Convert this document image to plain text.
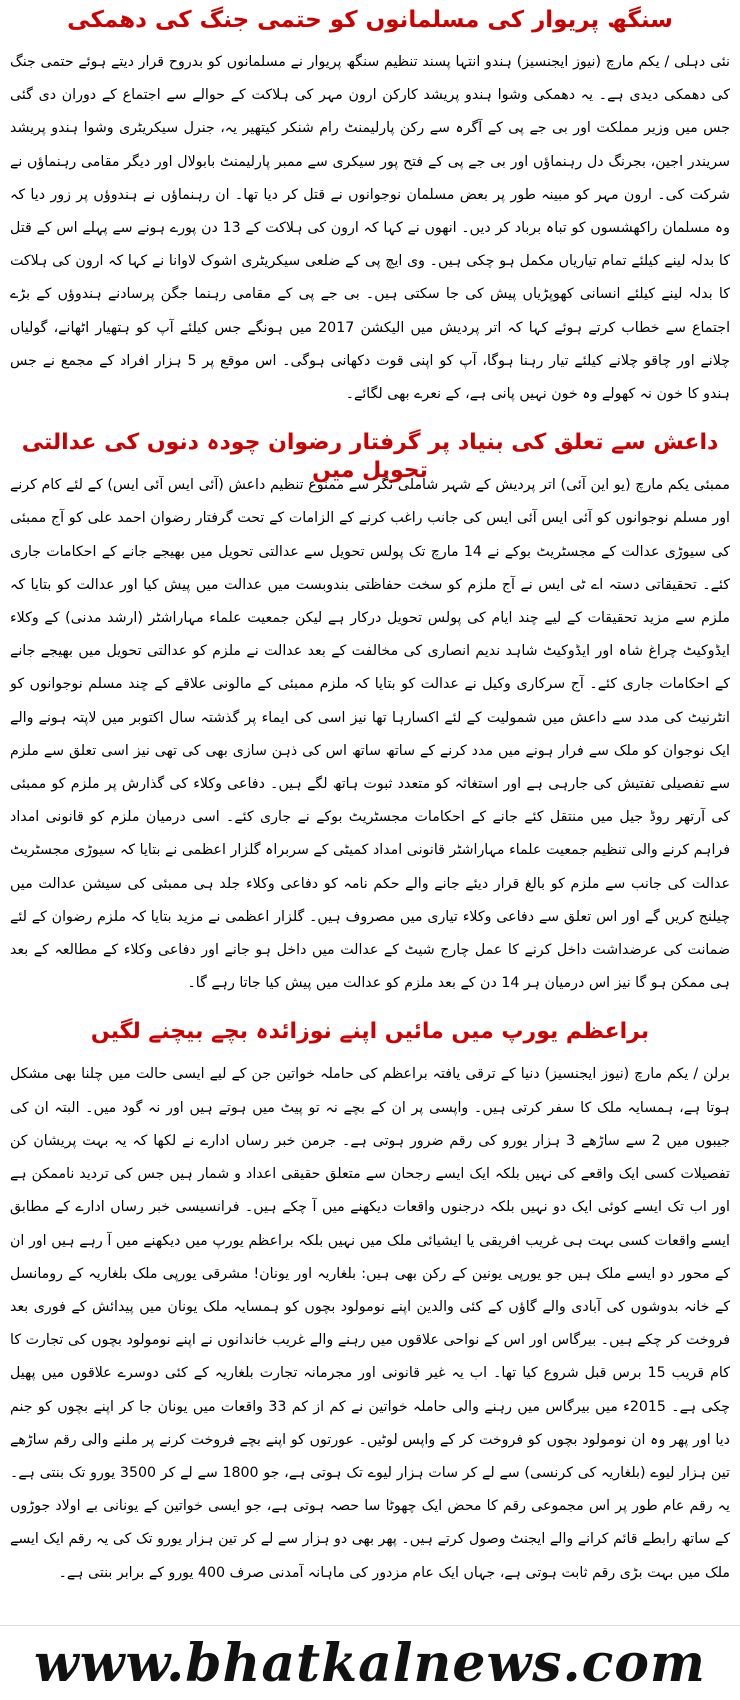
سنگھ پریوار کی مسلمانوں کو حتمی جنگ کی دھمکی

نئی دہلی / یکم مارچ (نیوز ایجنسیز) ہندو انتہا پسند تنظیم سنگھ پریوار نے مسلمانوں کو بدروح قرار دیتے ہوئے حتمی جنگ کی دھمکی دیدی ہے۔ یہ دھمکی وشوا ہندو پریشد کارکن ارون مہر کی ہلاکت کے حوالے سے اجتماع کے دوران دی گئی جس میں وزیر مملکت اور بی جے پی کے آگرہ سے رکن پارلیمنٹ رام شنکر کیتھیر یہ، جنرل سیکریٹری وشوا ہندو پریشد سریندر اجین، بجرنگ دل رہنماؤں اور بی جے پی کے فتح پور سیکری سے ممبر پارلیمنٹ بابولال اور دیگر مقامی رہنماؤں نے شرکت کی۔ ارون مہر کو مبینہ طور پر بعض مسلمان نوجوانوں نے قتل کر دیا تھا۔ ان رہنماؤں نے ہندوؤں پر زور دیا کہ وہ مسلمان راکھشسوں کو تباہ برباد کر دیں۔ انھوں نے کہا کہ ارون کی ہلاکت کے 13 دن پورے ہونے سے پہلے اس کے قتل کا بدلہ لینے کیلئے تمام تیاریاں مکمل ہو چکی ہیں۔ وی ایچ پی کے ضلعی سیکریٹری اشوک لاوانا نے کہا کہ ارون کی ہلاکت کا بدلہ لینے کیلئے انسانی کھوپڑیاں پیش کی جا سکتی ہیں۔ بی جے پی کے مقامی رہنما جگن پرسادنے ہندوؤں کے بڑے اجتماع سے خطاب کرتے ہوئے کہا کہ اتر پردیش میں الیکشن 2017 میں ہونگے جس کیلئے آپ کو ہتھیار اٹھانے، گولیاں چلانے اور چاقو چلانے کیلئے تیار رہنا ہوگا، آپ کو اپنی قوت دکھانی ہوگی۔ اس موقع پر 5 ہزار افراد کے مجمع نے جس ہندو کا خون نہ کھولے وہ خون نہیں پانی ہے، کے نعرے بھی لگائے۔

داعش سے تعلق کی بنیاد پر گرفتار رضوان چودہ دنوں کی عدالتی تحویل میں

ممبئی یکم مارچ (یو این آئی) اتر پردیش کے شہر شاملی نگر سے ممنوع تنظیم داعش (آئی ایس آئی ایس) کے لئے کام کرنے اور مسلم نوجوانوں کو آئی ایس آئی ایس کی جانب راغب کرنے کے الزامات کے تحت گرفتار رضوان احمد علی کو آج ممبئی کی سیوڑی عدالت کے مجسٹریٹ بوکے نے 14 مارچ تک پولس تحویل سے عدالتی تحویل میں بھیجے جانے کے احکامات جاری کئے۔ تحقیقاتی دستہ اے ٹی ایس نے آج ملزم کو سخت حفاظتی بندوبست میں عدالت میں پیش کیا اور عدالت کو بتایا کہ ملزم سے مزید تحقیقات کے لیے چند ایام کی پولس تحویل درکار ہے لیکن جمعیت علماء مہاراشٹر (ارشد مدنی) کے وکلاء ایڈوکیٹ چراغ شاہ اور ایڈوکیٹ شاہد ندیم انصاری کی مخالفت کے بعد عدالت نے ملزم کو عدالتی تحویل میں بھیجے جانے کے احکامات جاری کئے۔ آج سرکاری وکیل نے عدالت کو بتایا کہ ملزم ممبئی کے مالونی علاقے کے چند مسلم نوجوانوں کو انٹرنیٹ کی مدد سے داعش میں شمولیت کے لئے اکسارہا تھا نیز اسی کی ایماء پر گذشتہ سال اکتوبر میں لاپتہ ہونے والے ایک نوجوان کو ملک سے فرار ہونے میں مدد کرنے کے ساتھ ساتھ اس کی ذہن سازی بھی کی تھی نیز اسی تعلق سے ملزم سے تفصیلی تفتیش کی جارہی ہے اور استغاثہ کو متعدد ثبوت ہاتھ لگے ہیں۔ دفاعی وکلاء کی گذارش پر ملزم کو ممبئی کی آرتھر روڈ جیل میں منتقل کئے جانے کے احکامات مجسٹریٹ بوکے نے جاری کئے۔ اسی درمیان ملزم کو قانونی امداد فراہم کرنے والی تنظیم جمعیت علماء مہاراشٹر قانونی امداد کمیٹی کے سربراہ گلزار اعظمی نے بتایا کہ سیوڑی مجسٹریٹ عدالت کی جانب سے ملزم کو بالغ قرار دیئے جانے والے حکم نامہ کو دفاعی وکلاء جلد ہی ممبئی کی سیشن عدالت میں چیلنج کریں گے اور اس تعلق سے دفاعی وکلاء تیاری میں مصروف ہیں۔ گلزار اعظمی نے مزید بتایا کہ ملزم رضوان کے لئے ضمانت کی عرضداشت داخل کرنے کا عمل چارج شیٹ کے عدالت میں داخل ہو جانے اور دفاعی وکلاء کے مطالعہ کے بعد ہی ممکن ہو گا نیز اس درمیان ہر 14 دن کے بعد ملزم کو عدالت میں پیش کیا جاتا رہے گا۔

براعظم یورپ میں مائیں اپنے نوزائدہ بچے بیچنے لگیں

برلن / یکم مارچ (نیوز ایجنسیز) دنیا کے ترقی یافتہ براعظم کی حاملہ خواتین جن کے لیے ایسی حالت میں چلنا بھی مشکل ہوتا ہے، ہمسایہ ملک کا سفر کرتی ہیں۔ واپسی پر ان کے بچے نہ تو پیٹ میں ہوتے ہیں اور نہ گود میں۔ البتہ ان کی جیبوں میں 2 سے ساڑھے 3 ہزار یورو کی رقم ضرور ہوتی ہے۔ جرمن خبر رساں ادارے نے لکھا کہ یہ بہت پریشان کن تفصیلات کسی ایک واقعے کی نہیں بلکہ ایک ایسے رجحان سے متعلق حقیقی اعداد و شمار ہیں جس کی تردید ناممکن ہے اور اب تک ایسے کوئی ایک دو نہیں بلکہ درجنوں واقعات دیکھنے میں آ چکے ہیں۔ فرانسیسی خبر رساں ادارے کے مطابق ایسے واقعات کسی بہت ہی غریب افریقی یا ایشیائی ملک میں نہیں بلکہ براعظم یورپ میں دیکھنے میں آ رہے ہیں اور ان کے محور دو ایسے ملک ہیں جو یورپی یونین کے رکن بھی ہیں: بلغاریہ اور یونان! مشرقی یورپی ملک بلغاریہ کے رومانسل کے خانہ بدوشوں کی آبادی والے گاؤں کے کئی والدین اپنے نومولود بچوں کو ہمسایہ ملک یونان میں پیدائش کے فوری بعد فروخت کر چکے ہیں۔ بیرگاس اور اس کے نواحی علاقوں میں رہنے والے غریب خاندانوں نے اپنے نومولود بچوں کی تجارت کا کام قریب 15 برس قبل شروع کیا تھا۔ اب یہ غیر قانونی اور مجرمانہ تجارت بلغاریہ کے کئی دوسرے علاقوں میں پھیل چکی ہے۔ 2015ء میں بیرگاس میں رہنے والی حاملہ خواتین نے کم از کم 33 واقعات میں یونان جا کر اپنے بچوں کو جنم دیا اور پھر وہ ان نومولود بچوں کو فروخت کر کے واپس لوٹیں۔ عورتوں کو اپنے بچے فروخت کرنے پر ملنے والی رقم ساڑھے تین ہزار لیوے (بلغاریہ کی کرنسی) سے لے کر سات ہزار لیوے تک ہوتی ہے، جو 1800 سے لے کر 3500 یورو تک بنتی ہے۔ یہ رقم عام طور پر اس مجموعی رقم کا محض ایک چھوٹا سا حصہ ہوتی ہے، جو ایسی خواتین کے یونانی بے اولاد جوڑوں کے ساتھ رابطے قائم کرانے والے ایجنٹ وصول کرتے ہیں۔ پھر بھی دو ہزار سے لے کر تین ہزار یورو تک کی یہ رقم ایک ایسے ملک میں بہت بڑی رقم ثابت ہوتی ہے، جہاں ایک عام مزدور کی ماہانہ آمدنی صرف 400 یورو کے برابر بنتی ہے۔

www.bhatkalnews.com
